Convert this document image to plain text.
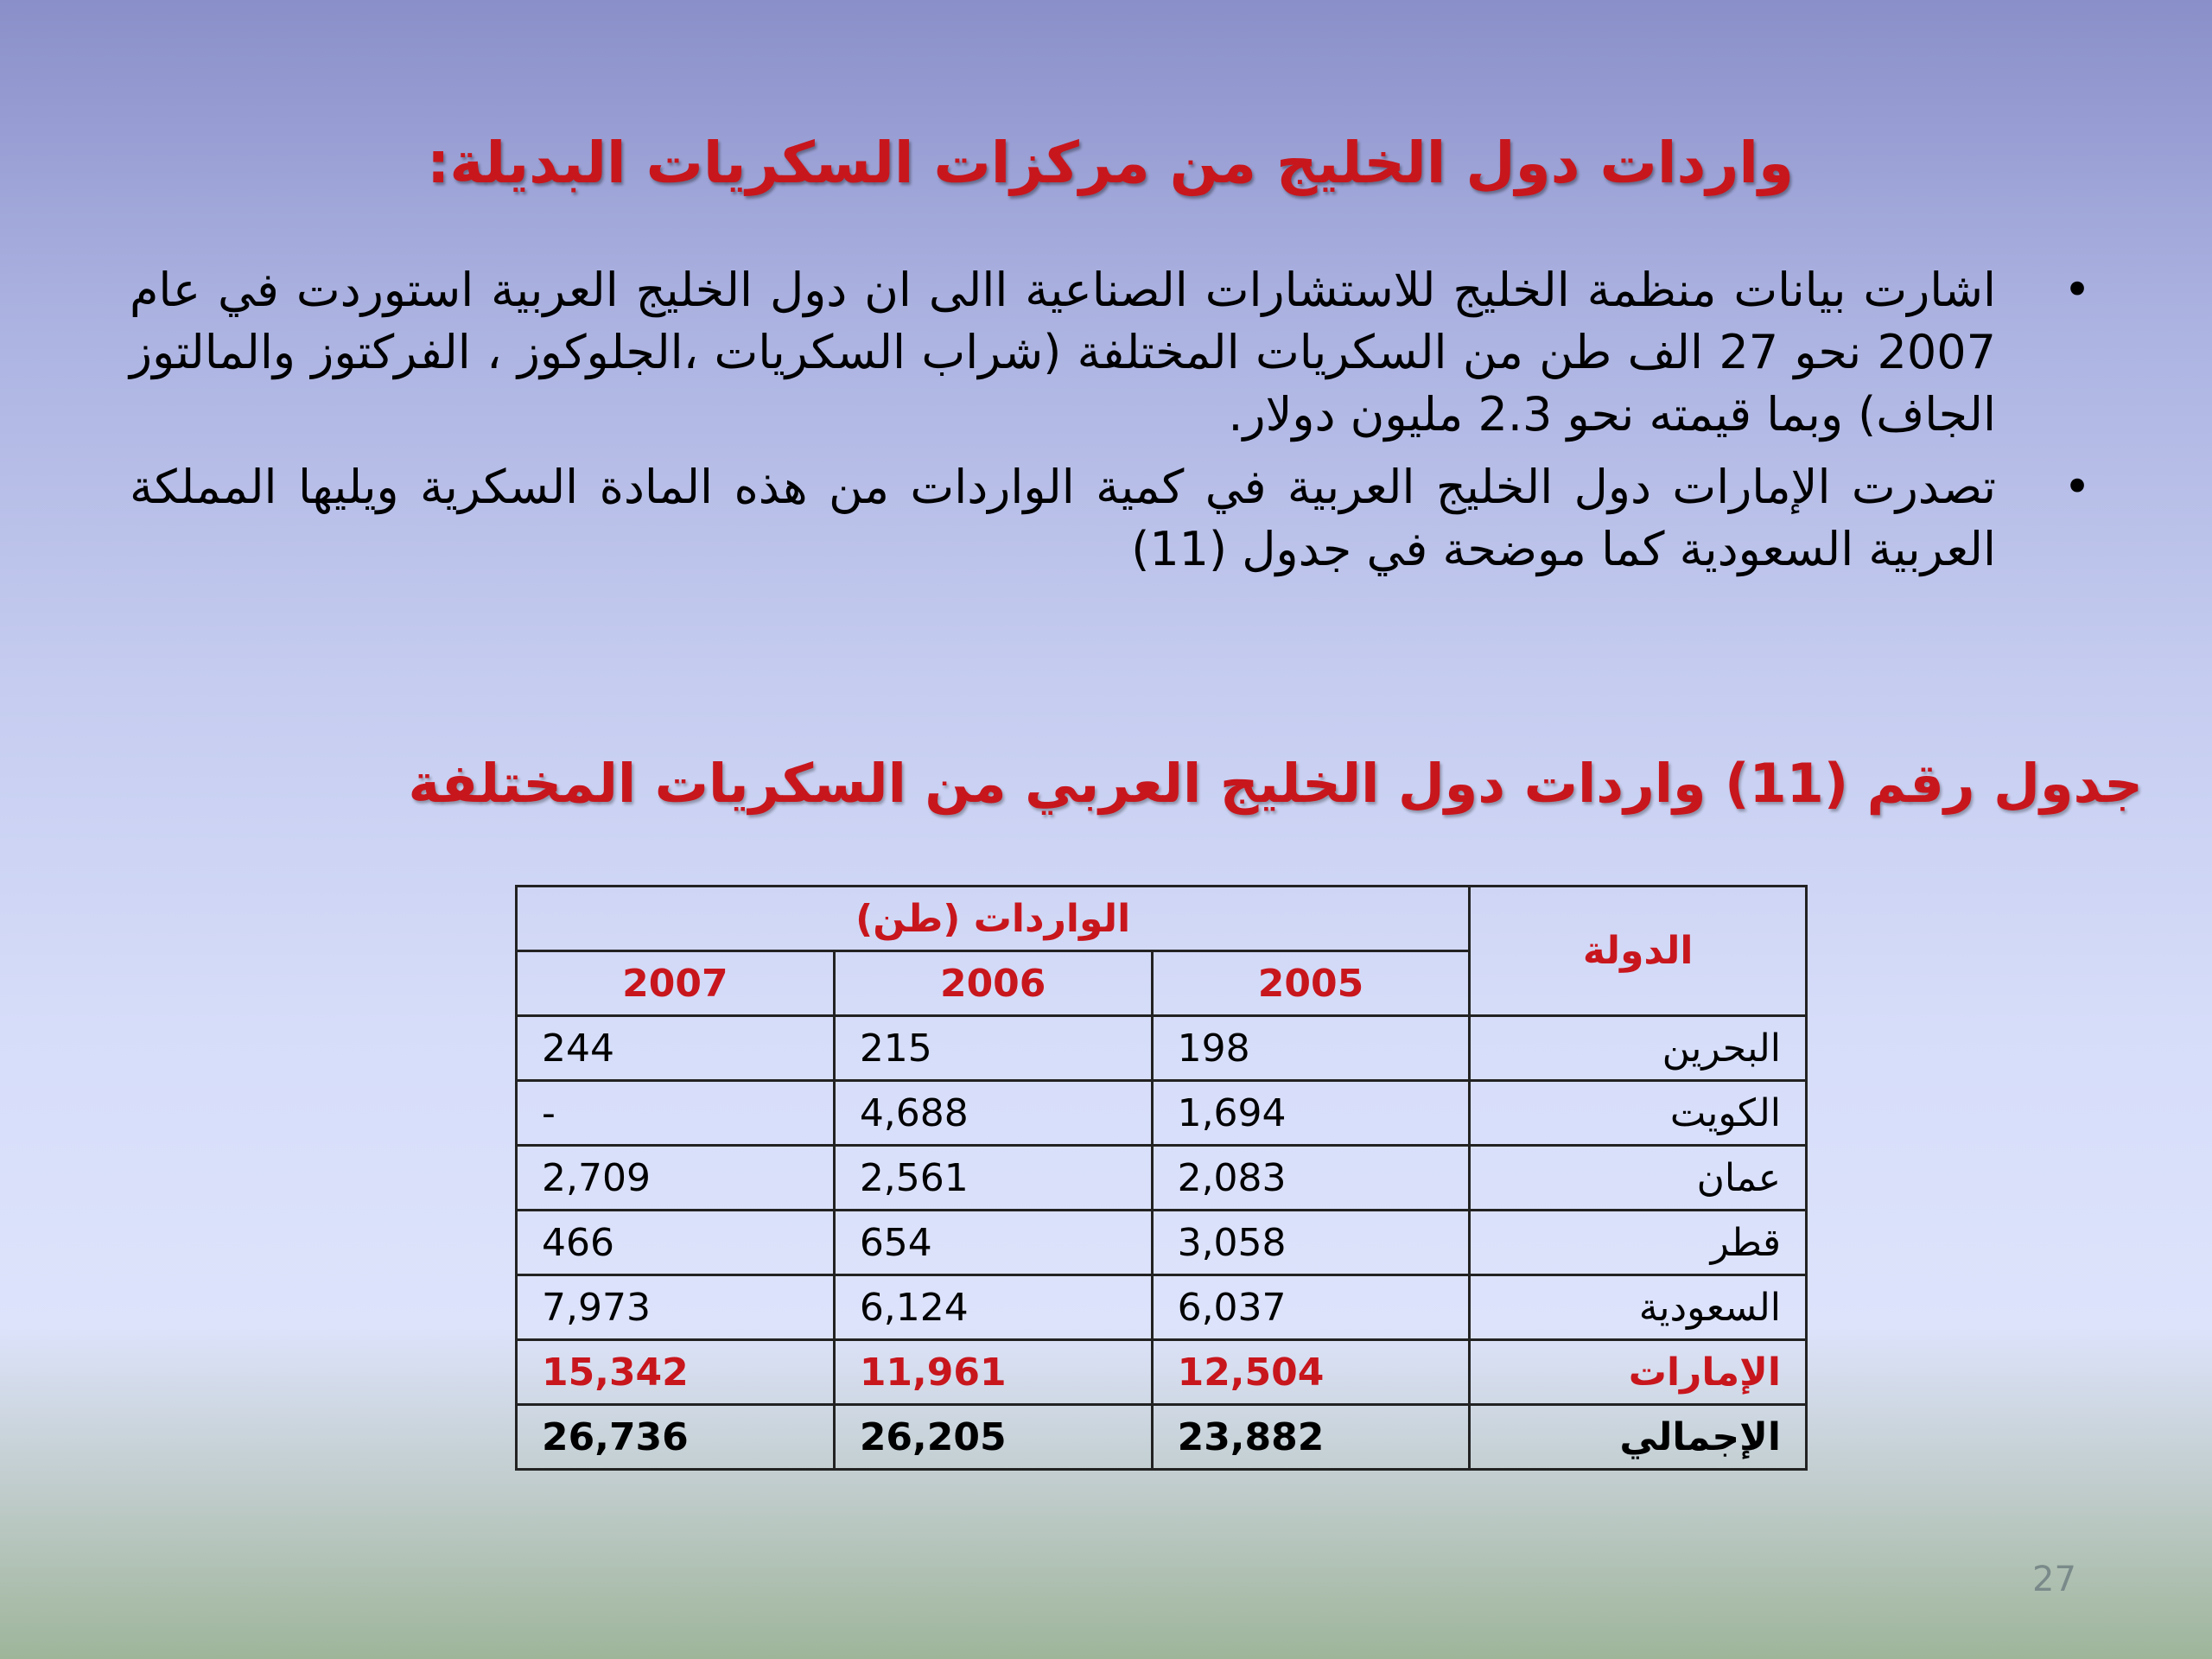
واردات دول الخليج من مركزات السكريات البديلة:
•
اشارت بيانات منظمة الخليج للاستشارات الصناعية االى ان دول الخليج العربية استوردت في عام 2007 نحو 27 الف طن من السكريات المختلفة (شراب السكريات ،الجلوكوز ، الفركتوز والمالتوز الجاف) وبما قيمته نحو 2.3 مليون دولار.
•
تصدرت الإمارات دول الخليج العربية في كمية الواردات من هذه المادة السكرية ويليها المملكة العربية السعودية كما موضحة في جدول (11)
جدول رقم (11) واردات دول الخليج العربي من السكريات المختلفة
الدولة	الواردات (طن)		
	2005	2006	2007
البحرين	198	215	244
الكويت	1,694	4,688	-
عمان	2,083	2,561	2,709
قطر	3,058	654	466
السعودية	6,037	6,124	7,973
الإمارات	12,504	11,961	15,342
الإجمالي	23,882	26,205	26,736
27
